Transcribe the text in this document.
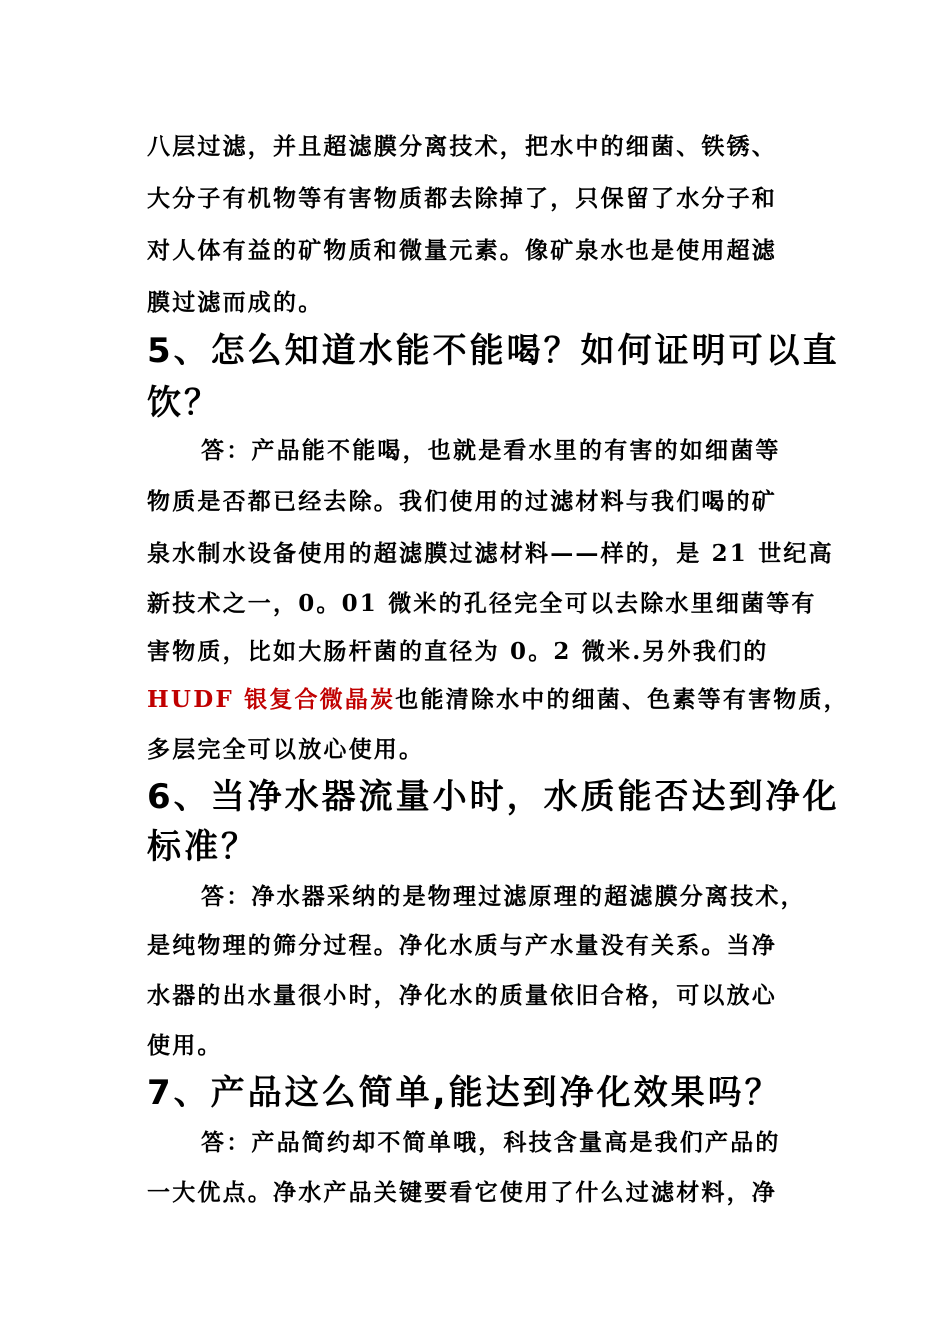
八层过滤，并且超滤膜分离技术，把水中的细菌、铁锈、
大分子有机物等有害物质都去除掉了，只保留了水分子和
对人体有益的矿物质和微量元素。像矿泉水也是使用超滤
膜过滤而成的。
5、怎么知道水能不能喝？如何证明可以直
饮？
答：产品能不能喝，也就是看水里的有害的如细菌等
物质是否都已经去除。我们使用的过滤材料与我们喝的矿
泉水制水设备使用的超滤膜过滤材料——样的，是 21 世纪高
新技术之一，0。01 微米的孔径完全可以去除水里细菌等有
害物质，比如大肠杆菌的直径为 0。2 微米.另外我们的
HUDF 银复合微晶炭也能清除水中的细菌、色素等有害物质，
多层完全可以放心使用。
6、当净水器流量小时，水质能否达到净化
标准？
答：净水器采纳的是物理过滤原理的超滤膜分离技术，
是纯物理的筛分过程。净化水质与产水量没有关系。当净
水器的出水量很小时，净化水的质量依旧合格，可以放心
使用。
7、产品这么简单,能达到净化效果吗？
答：产品简约却不简单哦，科技含量高是我们产品的
一大优点。净水产品关键要看它使用了什么过滤材料，净
